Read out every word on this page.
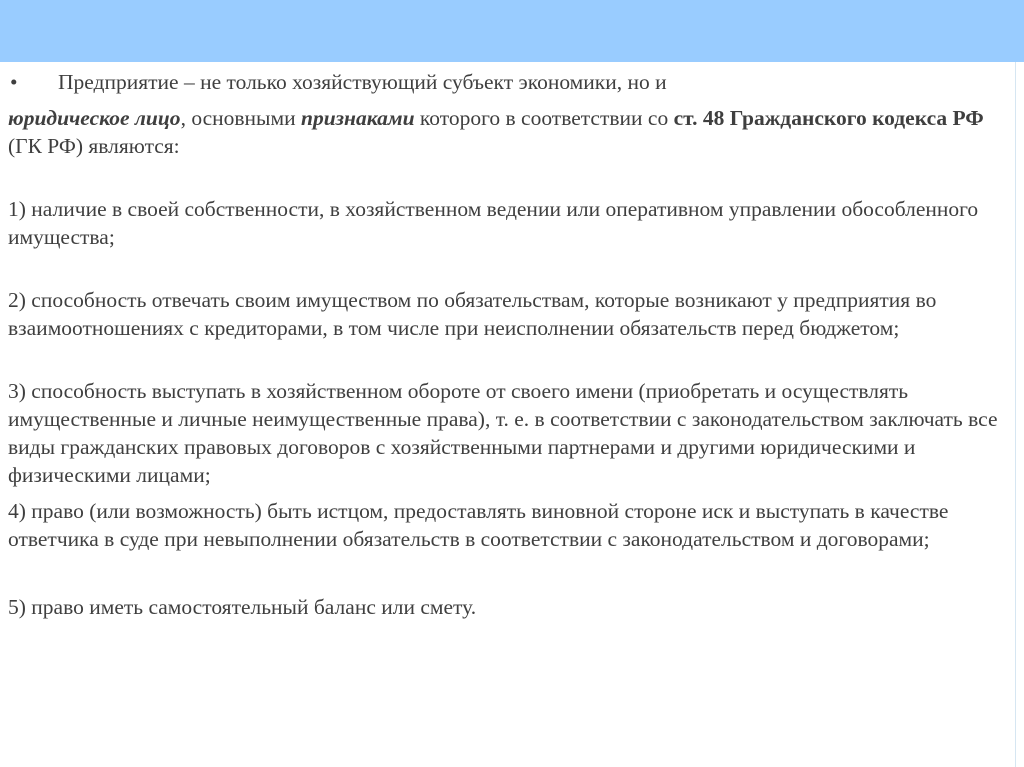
• Предприятие – не только хозяйствующий субъект экономики, но и

юридическое лицо, основными признаками которого в соответствии со ст. 48 Гражданского кодекса РФ (ГК РФ) являются:

1) наличие в своей собственности, в хозяйственном ведении или оперативном управлении обособленного имущества;

2) способность отвечать своим имуществом по обязательствам, которые возникают у предприятия во взаимоотношениях с кредиторами, в том числе при неисполнении обязательств перед бюджетом;

3) способность выступать в хозяйственном обороте от своего имени (приобретать и осуществлять имущественные и личные неимущественные права), т. е. в соответствии с законодательством заключать все виды гражданских правовых договоров с хозяйственными партнерами и другими юридическими и физическими лицами;

4) право (или возможность) быть истцом, предоставлять виновной стороне иск и выступать в качестве ответчика в суде при невыполнении обязательств в соответствии с законодательством и договорами;

5) право иметь самостоятельный баланс или смету.
